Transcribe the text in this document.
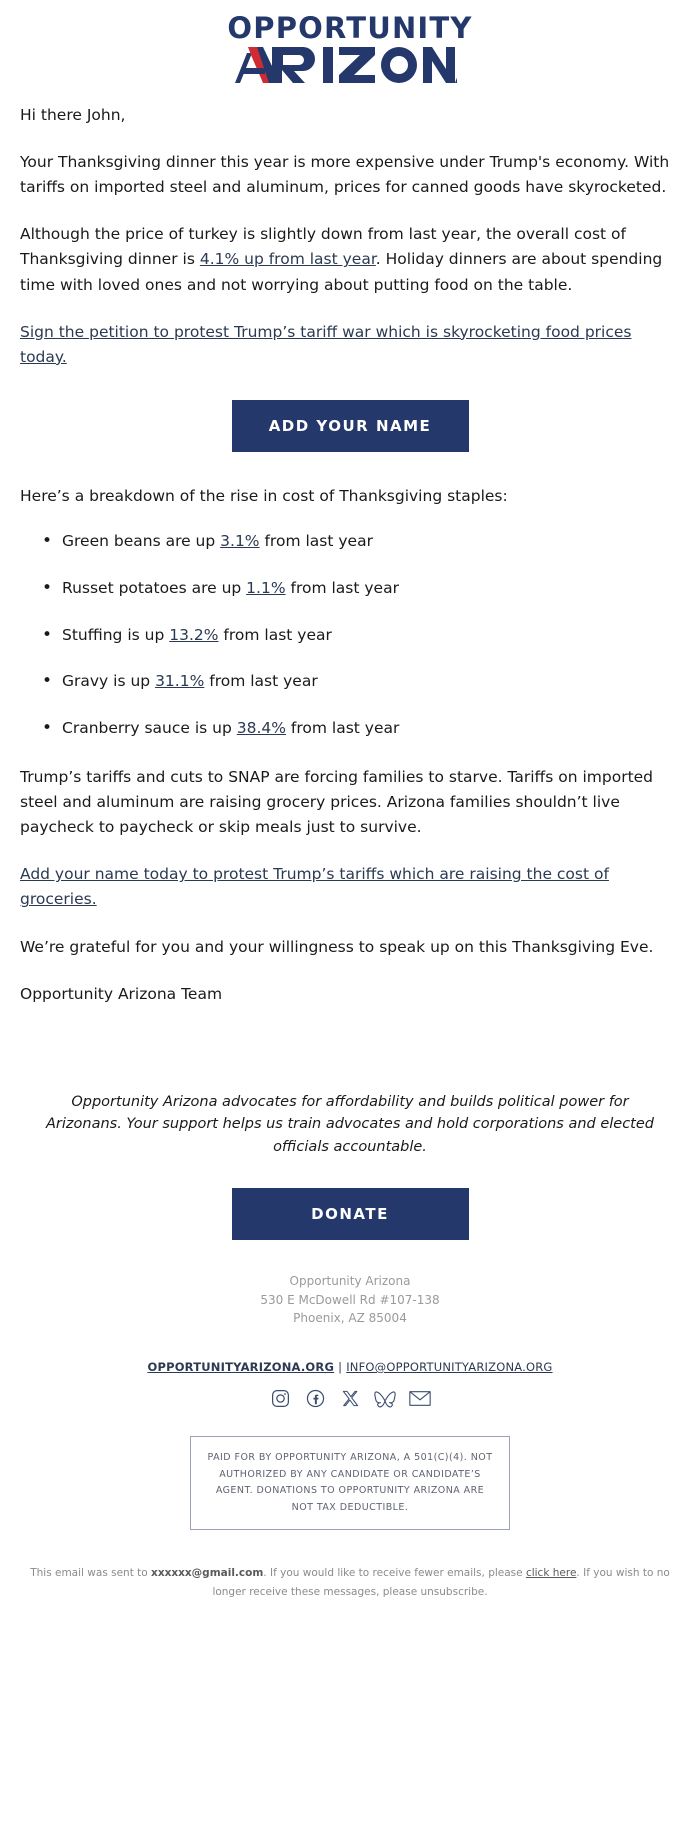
OPPORTUNITY

Hi there John,

Your Thanksgiving dinner this year is more expensive under Trump's economy. With tariffs on imported steel and aluminum, prices for canned goods have skyrocketed.

Although the price of turkey is slightly down from last year, the overall cost of Thanksgiving dinner is 4.1% up from last year. Holiday dinners are about spending time with loved ones and not worrying about putting food on the table.

Sign the petition to protest Trump’s tariff war which is skyrocketing food prices today.

ADD YOUR NAME

Here’s a breakdown of the rise in cost of Thanksgiving staples:

• Green beans are up 3.1% from last year
• Russet potatoes are up 1.1% from last year
• Stuffing is up 13.2% from last year
• Gravy is up 31.1% from last year
• Cranberry sauce is up 38.4% from last year

Trump’s tariffs and cuts to SNAP are forcing families to starve. Tariffs on imported steel and aluminum are raising grocery prices. Arizona families shouldn’t live paycheck to paycheck or skip meals just to survive.

Add your name today to protest Trump’s tariffs which are raising the cost of groceries.

We’re grateful for you and your willingness to speak up on this Thanksgiving Eve.

Opportunity Arizona Team

Opportunity Arizona advocates for affordability and builds political power for Arizonans. Your support helps us train advocates and hold corporations and elected officials accountable.

DONATE

Opportunity Arizona
530 E McDowell Rd #107-138
Phoenix, AZ 85004

OPPORTUNITYARIZONA.ORG | INFO@OPPORTUNITYARIZONA.ORG

PAID FOR BY OPPORTUNITY ARIZONA, A 501(C)(4). NOT AUTHORIZED BY ANY CANDIDATE OR CANDIDATE’S AGENT. DONATIONS TO OPPORTUNITY ARIZONA ARE NOT TAX DEDUCTIBLE.

This email was sent to xxxxxx@gmail.com. If you would like to receive fewer emails, please click here. If you wish to no longer receive these messages, please unsubscribe.
